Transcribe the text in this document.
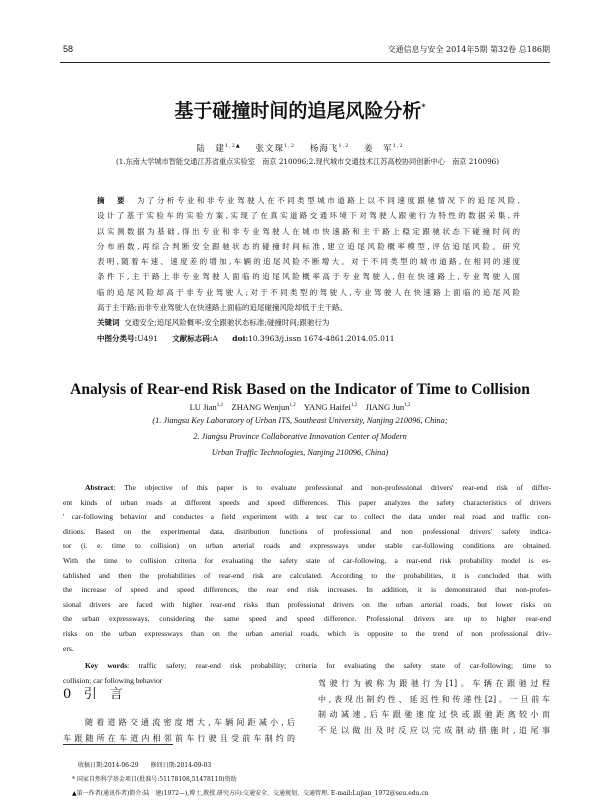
58	交通信息与安全 2014年5期 第32卷 总186期
基于碰撞时间的追尾风险分析*
陆　建$^{1,2▲}$ 张文琛$^{1,2}$ 杨海飞$^{1,2}$ 姜　军$^{1,2}$
(1.东南大学城市智能交通江苏省重点实验室　南京 210096;2.现代城市交通技术江苏高校协同创新中心　南京 210096)
摘　要 为了分析专业和非专业驾驶人在不同类型城市道路上以不同速度跟驰情况下的追尾风险,
设计了基于实验车的实验方案,实现了在真实道路交通环境下对驾驶人跟驰行为特性的数据采集,并
以实测数据为基础,得出专业和非专业驾驶人在城市快速路和主干路上稳定跟驰状态下碰撞时间的
分布函数,再综合判断安全跟驰状态的碰撞时间标准,建立追尾风险概率模型,评估追尾风险。研究
表明,随着车速、速度差的增加,车辆的追尾风险不断增大。对于不同类型的城市道路,在相同的速度
条件下,主干路上非专业驾驶人面临的追尾风险概率高于专业驾驶人,但在快速路上,专业驾驶人面
临的追尾风险却高于非专业驾驶人;对于不同类型的驾驶人,专业驾驶人在快速路上面临的追尾风险
高于主干路;而非专业驾驶人在快速路上面临的追尾碰撞风险却低于主干路。
关键词 交通安全;追尾风险概率;安全跟驰状态标准;碰撞时间;跟驰行为
中图分类号:U491 文献标志码:A doi:10.3963/j.issn 1674-4861.2014.05.011
Analysis of Rear-end Risk Based on the Indicator of Time to Collision
LU Jian$^{1,2}$ ZHANG Wenjun$^{1,2}$ YANG Haifei$^{1,2}$ JIANG Jun$^{1,2}$
(1. Jiangsu Key Laboratory of Urban ITS, Southeast University, Nanjing 210096, China;
2. Jiangsu Province Collaborative Innovation Center of Modern
Urban Traffic Technologies, Nanjing 210096, China)
Abstract: The objective of this paper is to evaluate professional and non-professional drivers' rear-end risk of differ-
ent kinds of urban roads at different speeds and speed differences. This paper analyzes the safety characteristics of drivers
' car-following behavior and conductes a field experiment with a test car to collect the data under real road and traffic con-
ditions. Based on the experimental data, distribution functions of professional and non professional drivers' safety indica-
tor (i. e. time to collision) on urban arterial roads and expressways under stable car-following conditions are obtained.
With the time to collision criteria for evaluating the safety state of car-following, a rear-end risk probability model is es-
tablished and then the probabilities of rear-end risk are calculated. According to the probabilities, it is concluded that with
the increase of speed and speed differences, the rear end risk increases. In addition, it is demonstrated that non-profes-
sional drivers are faced with higher rear-end risks than professional drivers on the urban arterial roads, but lower risks on
the urban expressways, considering the same speed and speed difference. Professional drivers are up to higher rear-end
risks on the urban expressways than on the urban arterial roads, which is opposite to the trend of non professional driv-
ers.
Key words: traffic safety; rear-end risk probability; criteria for evaluating the safety state of car-following; time to
collision; car following behavior
0 引　言
随着道路交通流密度增大,车辆间距减小,后
车跟随所在车道内相邻前车行驶且受前车制约的
驾驶行为被称为跟驰行为[1]。车辆在跟驰过程
中,表现出制约性、延迟性和传递性[2]。一旦前车
制动减速,后车跟驰速度过快或跟驰距离较小而
不足以做出及时反应以完成制动措施时,追尾事
收稿日期:2014-06-29　　修回日期:2014-09-03
* 国家自然科学基金项目(批准号:51178108,51478110)资助
▲第一作者(通讯作者)简介:陆　建(1972—),博士,教授.研究方向:交通安全、交通规划、交通管理. E-mail:Lujian_1972@seu.edu.cn
